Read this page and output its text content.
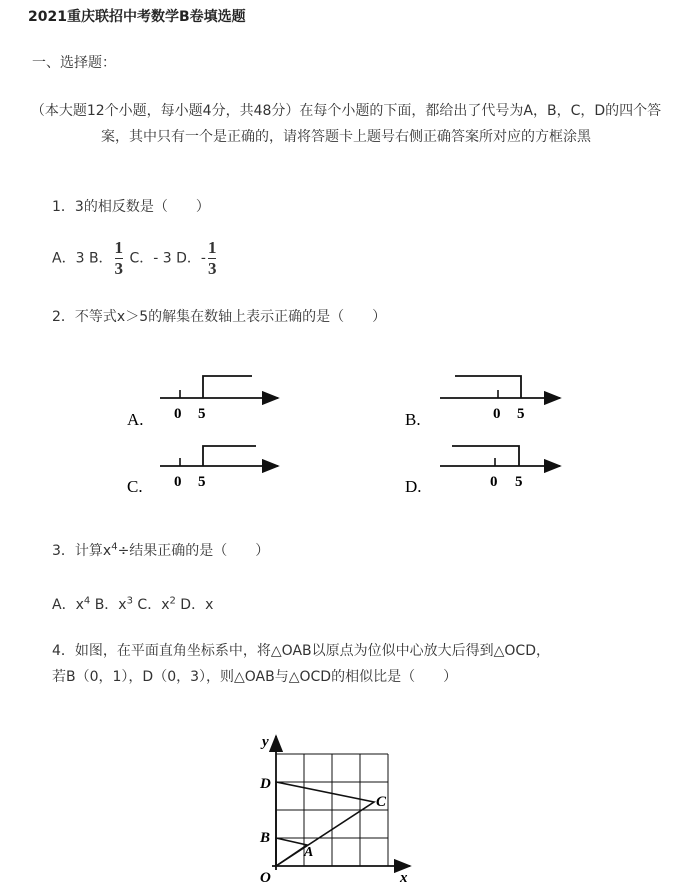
2021重庆联招中考数学B卷填选题
一、选择题：
（本大题12个小题，每小题4分，共48分）在每个小题的下面，都给出了代号为A，B，C，D的四个答案，其中只有一个是正确的，请将答题卡上题号右侧正确答案所对应的方框涂黑
1．3的相反数是（　　）
A．3 B． $\frac{1}{3}$ C．- 3 D．- $\frac{1}{3}$
2．不等式x＞5的解集在数轴上表示正确的是（　　）
A. 0 5	B.	0 5
C. 0 5	D.	0 5
3．计算$x^4\div$结果正确的是（　　）
A．$x^4$ B．$x^3$ C．$x^2$ D．x
4．如图，在平面直角坐标系中，将△OAB以原点为位似中心放大后得到△OCD，
若B（0，1），D（0，3），则△OAB与△OCD的相似比是（　　）
y
x
D
C
B
A
O
